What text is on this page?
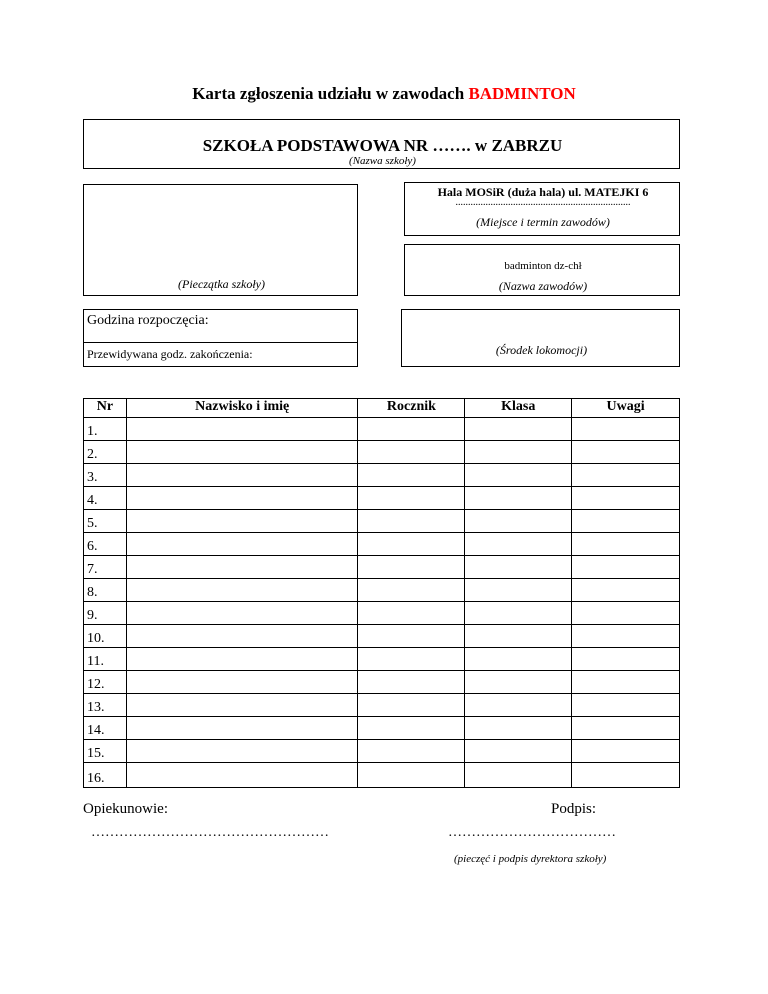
Karta zgłoszenia udziału w zawodach BADMINTON
SZKOŁA PODSTAWOWA NR ……. w ZABRZU
(Nazwa szkoły)
(Pieczątka szkoły)
Hala MOSiR (duża hala) ul. MATEJKI 6
......................................................................
(Miejsce i termin zawodów)
badminton dz-chł
(Nazwa zawodów)
Godzina rozpoczęcia:
Przewidywana godz. zakończenia:	(Środek lokomocji)
Nr	Nazwisko i imię	Rocznik	Klasa	Uwagi
1.				
2.				
3.				
4.				
5.				
6.				
7.				
8.				
9.				
10.				
11.				
12.				
13.				
14.				
15.				
16.				
Opiekunowie:	Podpis:
……………………………………………	………………………………
(pieczęć i podpis dyrektora szkoły)
